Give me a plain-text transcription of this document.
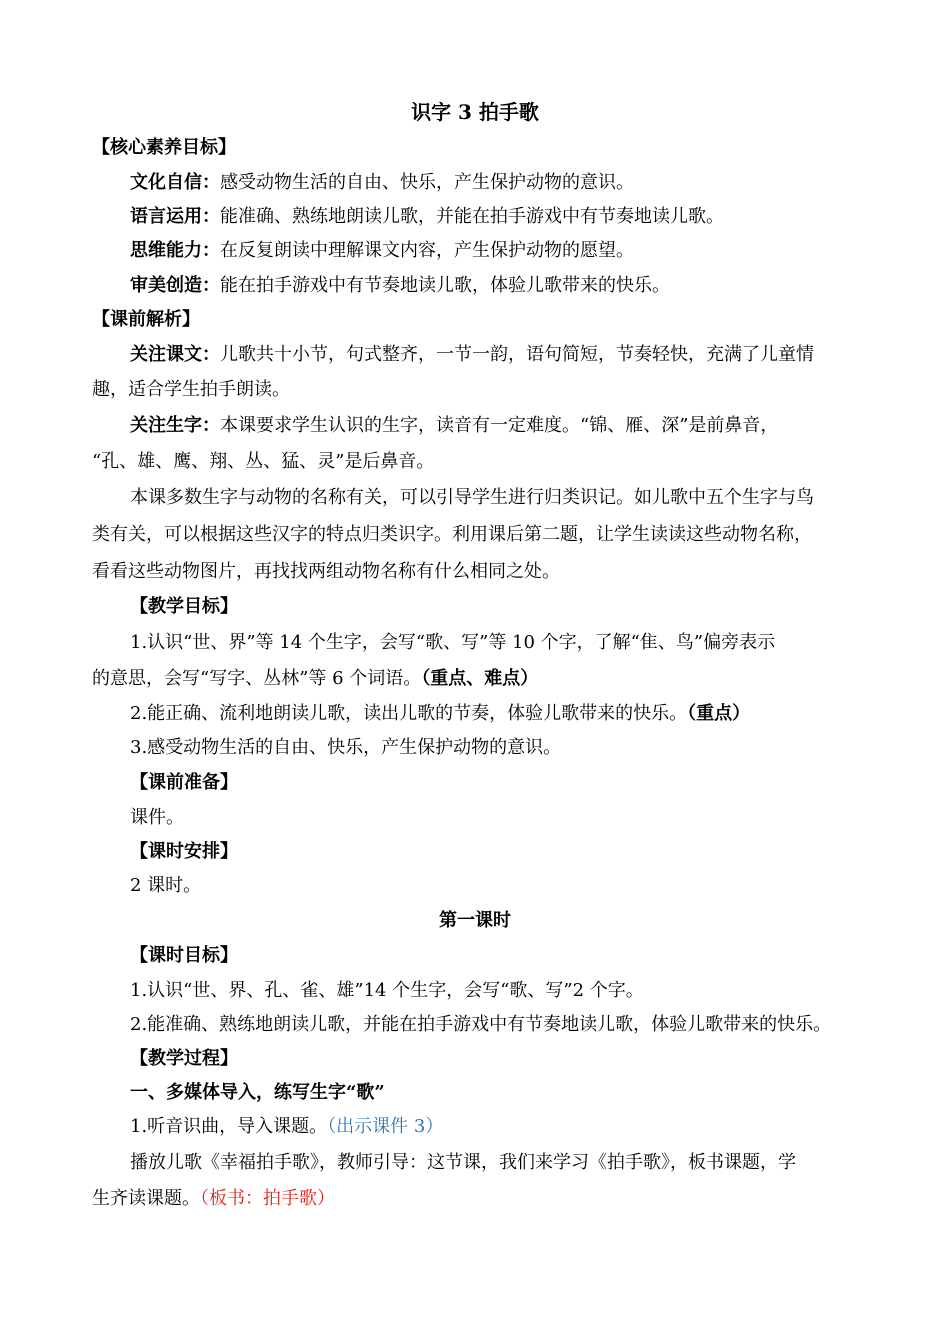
识字 3 拍手歌
【核心素养目标】
文化自信：感受动物生活的自由、快乐，产生保护动物的意识。
语言运用：能准确、熟练地朗读儿歌，并能在拍手游戏中有节奏地读儿歌。
思维能力：在反复朗读中理解课文内容，产生保护动物的愿望。
审美创造：能在拍手游戏中有节奏地读儿歌，体验儿歌带来的快乐。
【课前解析】
关注课文：儿歌共十小节，句式整齐，一节一韵，语句简短，节奏轻快，充满了儿童情
趣，适合学生拍手朗读。
关注生字：本课要求学生认识的生字，读音有一定难度。“锦、雁、深”是前鼻音，
“孔、雄、鹰、翔、丛、猛、灵”是后鼻音。
本课多数生字与动物的名称有关，可以引导学生进行归类识记。如儿歌中五个生字与鸟
类有关，可以根据这些汉字的特点归类识字。利用课后第二题，让学生读读这些动物名称，
看看这些动物图片，再找找两组动物名称有什么相同之处。
【教学目标】
1.认识“世、界”等 14 个生字，会写“歌、写”等 10 个字，了解“隹、鸟”偏旁表示
的意思，会写“写字、丛林”等 6 个词语。（重点、难点）
2.能正确、流利地朗读儿歌，读出儿歌的节奏，体验儿歌带来的快乐。（重点）
3.感受动物生活的自由、快乐，产生保护动物的意识。
【课前准备】
课件。
【课时安排】
2 课时。
第一课时
【课时目标】
1.认识“世、界、孔、雀、雄”14 个生字，会写“歌、写”2 个字。
2.能准确、熟练地朗读儿歌，并能在拍手游戏中有节奏地读儿歌，体验儿歌带来的快乐。
【教学过程】
一、多媒体导入，练写生字“歌”
1.听音识曲，导入课题。（出示课件 3）
播放儿歌《幸福拍手歌》，教师引导：这节课，我们来学习《拍手歌》，板书课题，学
生齐读课题。（板书：拍手歌）
